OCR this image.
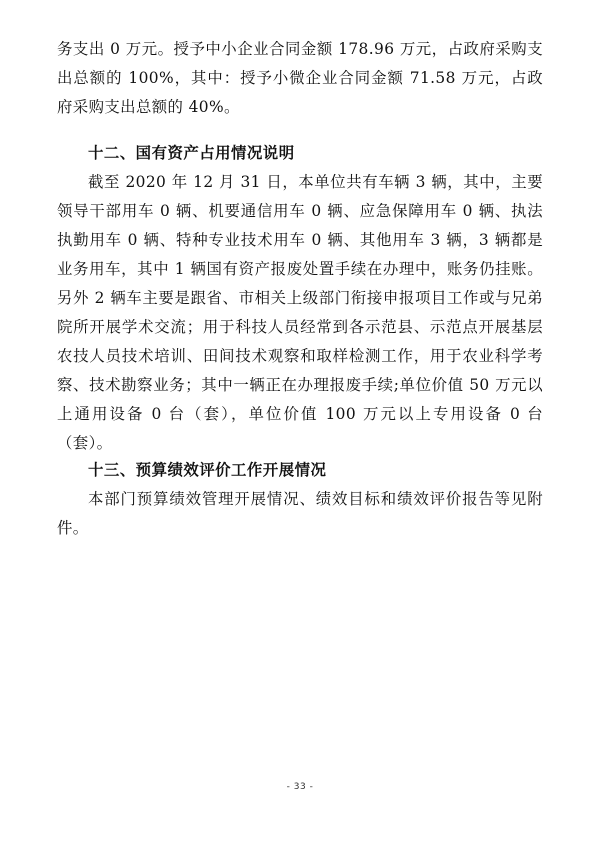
务支出 0 万元。授予中小企业合同金额 178.96 万元，占政府采购支出总额的 100%，其中：授予小微企业合同金额 71.58 万元，占政府采购支出总额的 40%。

十二、国有资产占用情况说明

截至 2020 年 12 月 31 日，本单位共有车辆 3 辆，其中，主要领导干部用车 0 辆、机要通信用车 0 辆、应急保障用车 0 辆、执法执勤用车 0 辆、特种专业技术用车 0 辆、其他用车 3 辆，3 辆都是业务用车，其中 1 辆国有资产报废处置手续在办理中，账务仍挂账。另外 2 辆车主要是跟省、市相关上级部门衔接申报项目工作或与兄弟院所开展学术交流；用于科技人员经常到各示范县、示范点开展基层农技人员技术培训、田间技术观察和取样检测工作，用于农业科学考察、技术勘察业务；其中一辆正在办理报废手续;单位价值 50 万元以上通用设备 0 台（套），单位价值 100 万元以上专用设备 0 台（套）。

十三、预算绩效评价工作开展情况

本部门预算绩效管理开展情况、绩效目标和绩效评价报告等见附件。

- 33 -
